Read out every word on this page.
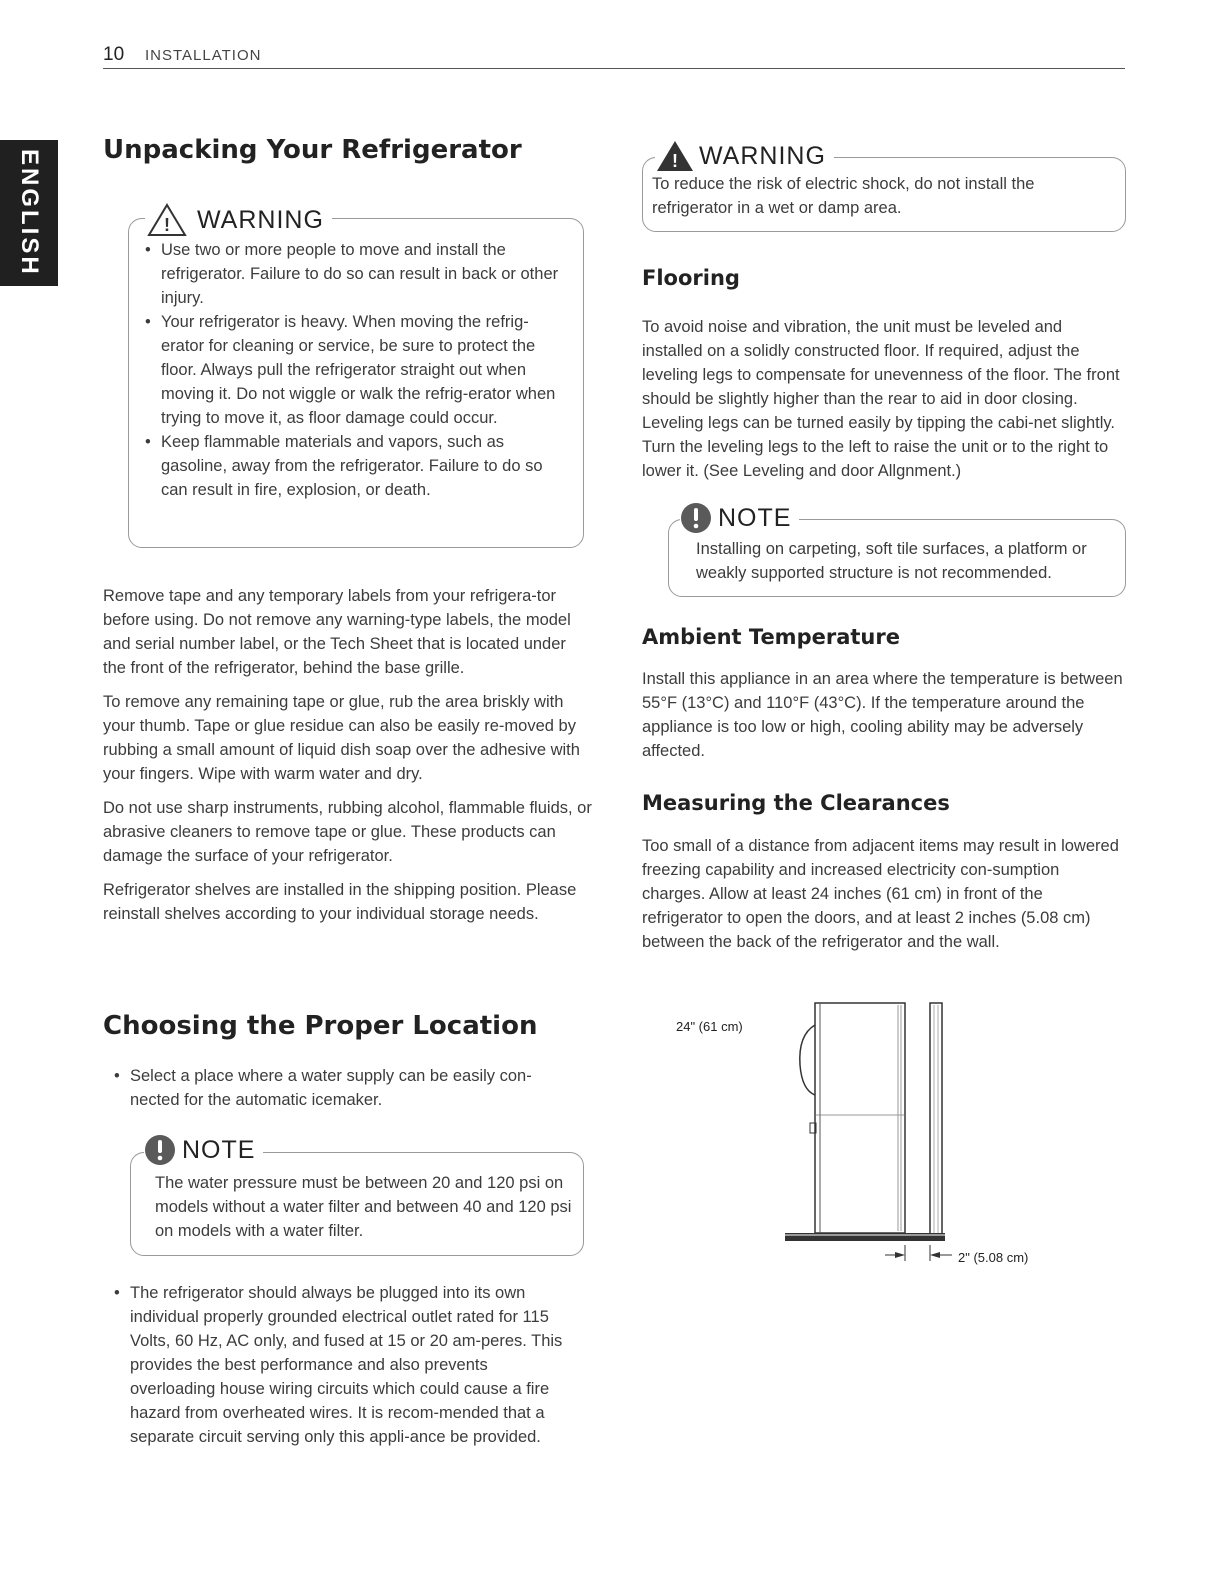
10 INSTALLATION
ENGLISH Unpacking Your Refrigerator
! WARNING
• Use two or more people to move and install the refrigerator. Failure to do so can result in back or other injury.
• Your refrigerator is heavy. When moving the refrig-erator for cleaning or service, be sure to protect the floor. Always pull the refrigerator straight out when moving it. Do not wiggle or walk the refrig-erator when trying to move it, as floor damage could occur.
• Keep flammable materials and vapors, such as gasoline, away from the refrigerator. Failure to do so can result in fire, explosion, or death.

Remove tape and any temporary labels from your refrigera-tor before using. Do not remove any warning-type labels, the model and serial number label, or the Tech Sheet that is located under the front of the refrigerator, behind the base grille.

To remove any remaining tape or glue, rub the area briskly with your thumb. Tape or glue residue can also be easily re-moved by rubbing a small amount of liquid dish soap over the adhesive with your fingers. Wipe with warm water and dry.

Do not use sharp instruments, rubbing alcohol, flammable fluids, or abrasive cleaners to remove tape or glue. These products can damage the surface of your refrigerator.

Refrigerator shelves are installed in the shipping position. Please reinstall shelves according to your individual storage needs.

Choosing the Proper Location
• Select a place where a water supply can be easily con-nected for the automatic icemaker.
NOTE

The water pressure must be between 20 and 120 psi on models without a water filter and between 40 and 120 psi on models with a water filter.

• The refrigerator should always be plugged into its own individual properly grounded electrical outlet rated for 115 Volts, 60 Hz, AC only, and fused at 15 or 20 am-peres. This provides the best performance and also prevents overloading house wiring circuits which could cause a fire hazard from overheated wires. It is recom-mended that a separate circuit serving only this appli-ance be provided.
! WARNING

To reduce the risk of electric shock, do not install the refrigerator in a wet or damp area.

Flooring

To avoid noise and vibration, the unit must be leveled and installed on a solidly constructed floor. If required, adjust the leveling legs to compensate for unevenness of the floor. The front should be slightly higher than the rear to aid in door closing. Leveling legs can be turned easily by tipping the cabi-net slightly. Turn the leveling legs to the left to raise the unit or to the right to lower it. (See Leveling and door Allgnment.)

NOTE

Installing on carpeting, soft tile surfaces, a platform or weakly supported structure is not recommended.

Ambient Temperature

Install this appliance in an area where the temperature is between 55°F (13°C) and 110°F (43°C). If the temperature around the appliance is too low or high, cooling ability may be adversely affected.

Measuring the Clearances

Too small of a distance from adjacent items may result in lowered freezing capability and increased electricity con-sumption charges. Allow at least 24 inches (61 cm) in front of the refrigerator to open the doors, and at least 2 inches (5.08 cm) between the back of the refrigerator and the wall.

24" (61 cm)
2" (5.08 cm)
